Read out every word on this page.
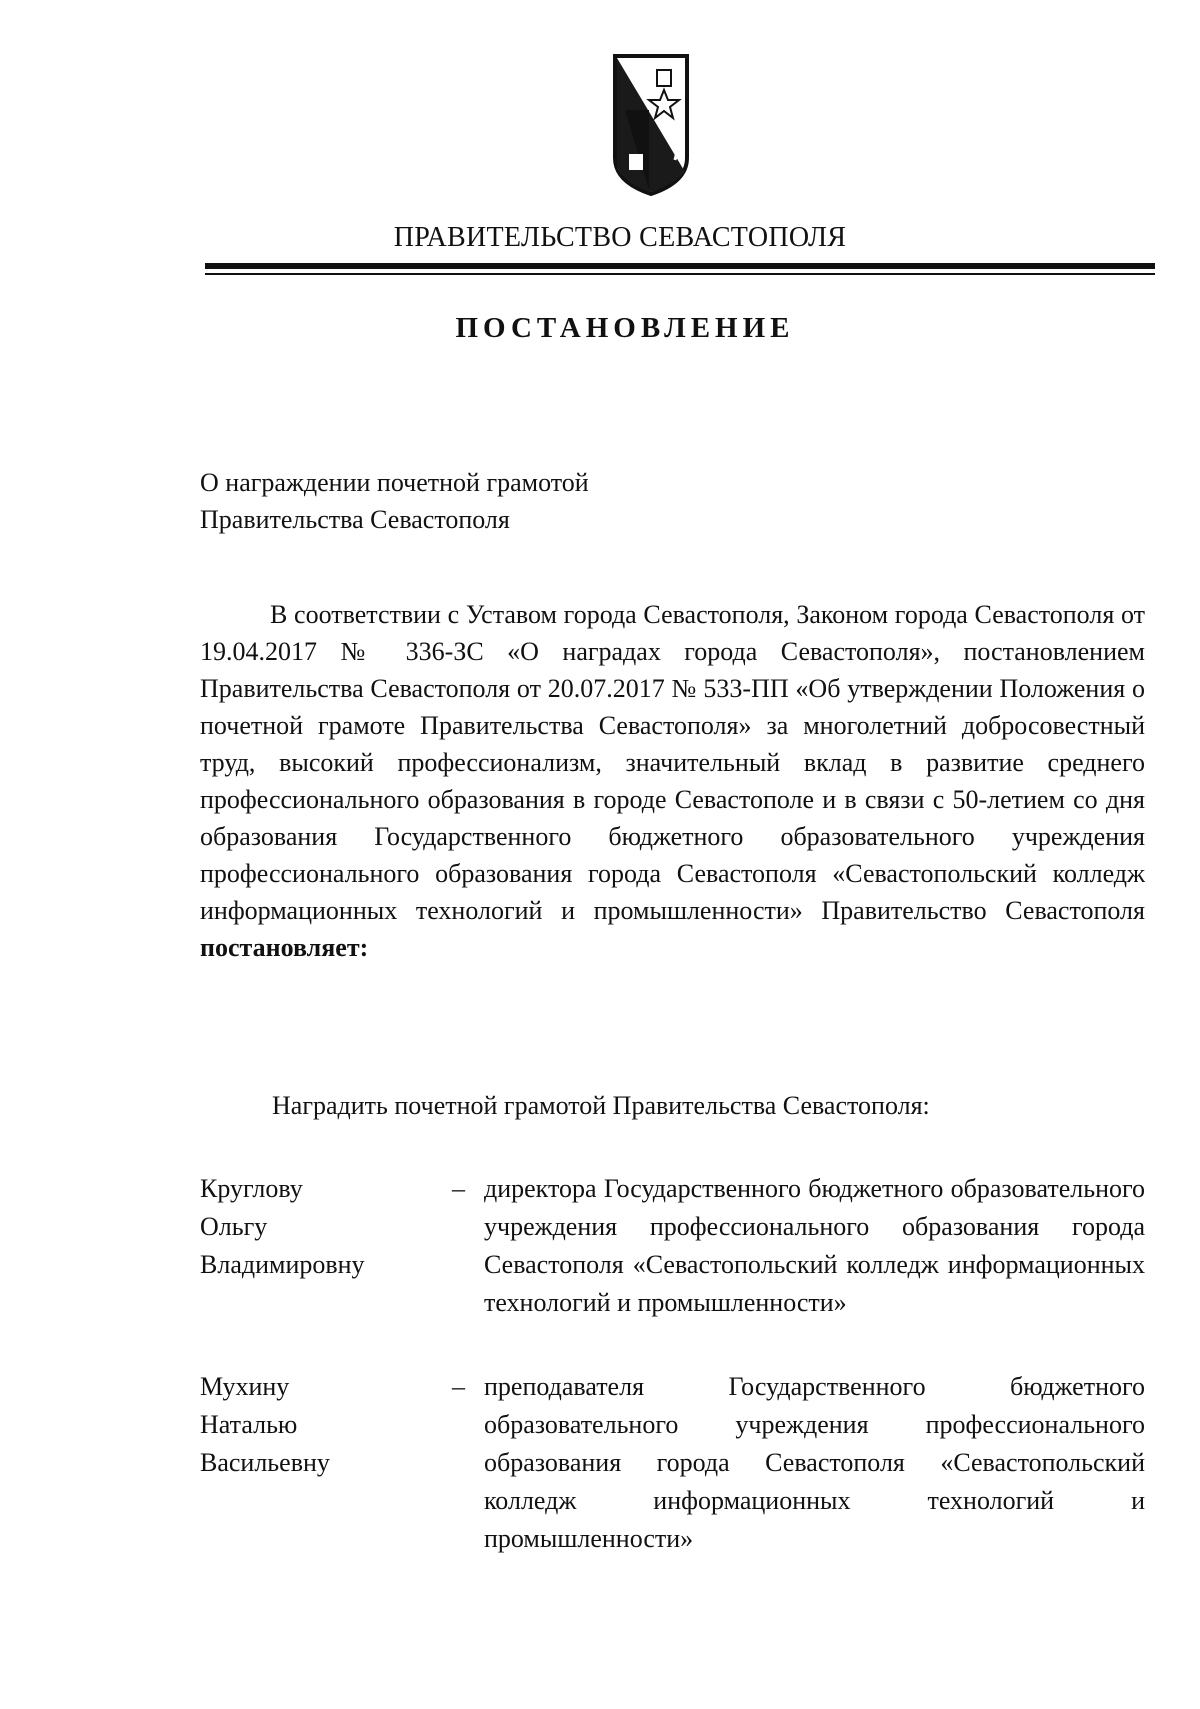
ПРАВИТЕЛЬСТВО СЕВАСТОПОЛЯ
ПОСТАНОВЛЕНИЕ
О награждении почетной грамотой
Правительства Севастополя
В соответствии с Уставом города Севастополя, Законом города Севастополя от 19.04.2017 № 336-ЗС «О наградах города Севастополя», постановлением Правительства Севастополя от 20.07.2017 № 533-ПП «Об утверждении Положения о почетной грамоте Правительства Севастополя» за многолетний добросовестный труд, высокий профессионализм, значительный вклад в развитие среднего профессионального образования в городе Севастополе и в связи с 50-летием со дня образования Государственного бюджетного образовательного учреждения профессионального образования города Севастополя «Севастопольский колледж информационных технологий и промышленности» Правительство Севастополя постановляет:
Наградить почетной грамотой Правительства Севастополя:
Круглову
Ольгу
Владимировну
– директора Государственного бюджетного образовательного учреждения профессионального образования города Севастополя «Севастопольский колледж информационных технологий и промышленности»
Мухину
Наталью
Васильевну
– преподавателя Государственного бюджетного образовательного учреждения профессионального образования города Севастополя «Севастопольский колледж информационных технологий и промышленности»
